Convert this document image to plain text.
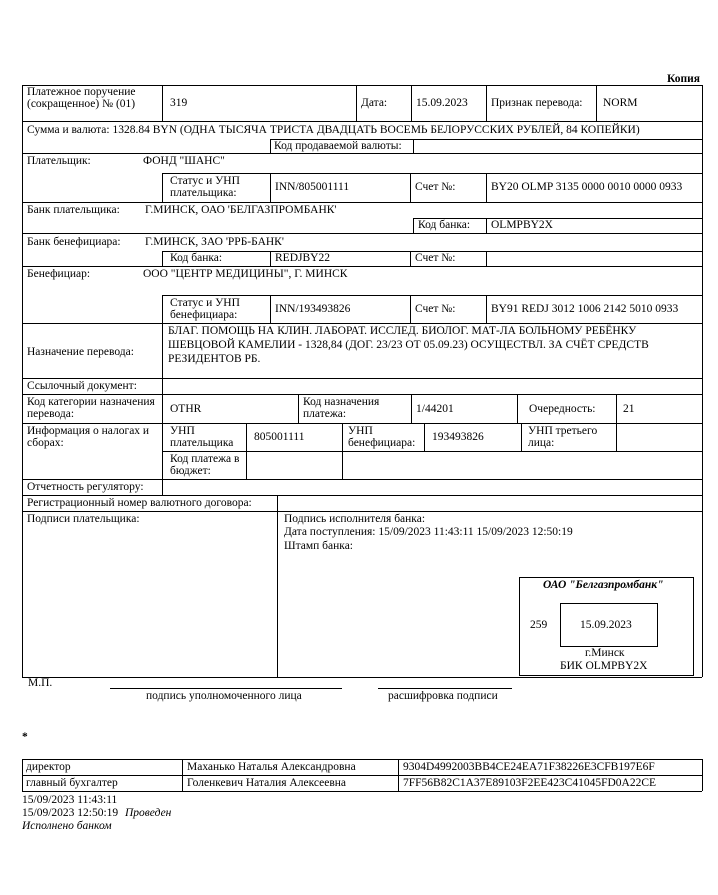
Копия
Платежное поручение (сокращенное) № (01)	319	Дата:	15.09.2023 Признак перевода: NORM
Сумма и валюта: 1328.84 BYN (ОДНА ТЫСЯЧА ТРИСТА ДВАДЦАТЬ ВОСЕМЬ БЕЛОРУССКИХ РУБЛЕЙ, 84 КОПЕЙКИ)
Код продаваемой валюты:
Плательщик:	ФОНД "ШАНС"
Статус и УНП плательщика:	INN/805001111	Счет №:	BY20 OLMP 3135 0000 0010 0000 0933
Банк плательщика: Г.МИНСК, ОАО 'БЕЛГАЗПРОМБАНК'
Код банка: OLMPBY2X
Банк бенефициара: Г.МИНСК, ЗАО 'РРБ-БАНК'
Код банка:	REDJBY22	Счет №:
Бенефициар:	ООО "ЦЕНТР МЕДИЦИНЫ", Г. МИНСК
Статус и УНП бенефициара:	INN/193493826	Счет №:	BY91 REDJ 3012 1006 2142 5010 0933
Назначение перевода:
БЛАГ. ПОМОЩЬ НА КЛИН. ЛАБОРАТ. ИССЛЕД. БИОЛОГ. МАТ-ЛА БОЛЬНОМУ РЕБЁНКУ
ШЕВЦОВОЙ КАМЕЛИИ - 1328,84 (ДОГ. 23/23 ОТ 05.09.23) ОСУЩЕСТВЛ. ЗА СЧЁТ СРЕДСТВ
РЕЗИДЕНТОВ РБ.
Ссылочный документ:
Код категории назначения перевода:	OTHR
Код назначения платежа:	1/44201	Очередность: 21
Информация о налогах и сборах:
УНП плательщика	805001111	УНП бенефициара:	193493826	УНП третьего лица:
Код платежа в бюджет:
Отчетность регулятору:
Регистрационный номер валютного договора:
Подписи плательщика:	Подпись исполнителя банка:
Дата поступления: 15/09/2023 11:43:11 15/09/2023 12:50:19
Штамп банка:
ОАО "Белгазпромбанк"
259	15.09.2023
г.Минск
БИК OLMPBY2X
М.П.
подпись уполномоченного лица	расшифровка подписи
*
директор	Маханько Наталья Александровна	9304D4992003BB4CE24EA71F38226E3CFB197E6F
главный бухгалтер	Голенкевич Наталия Алексеевна	7FF56B82C1A37E89103F2EE423C41045FD0A22CE
15/09/2023 11:43:11
15/09/2023 12:50:19 Проведен
Исполнено банком
